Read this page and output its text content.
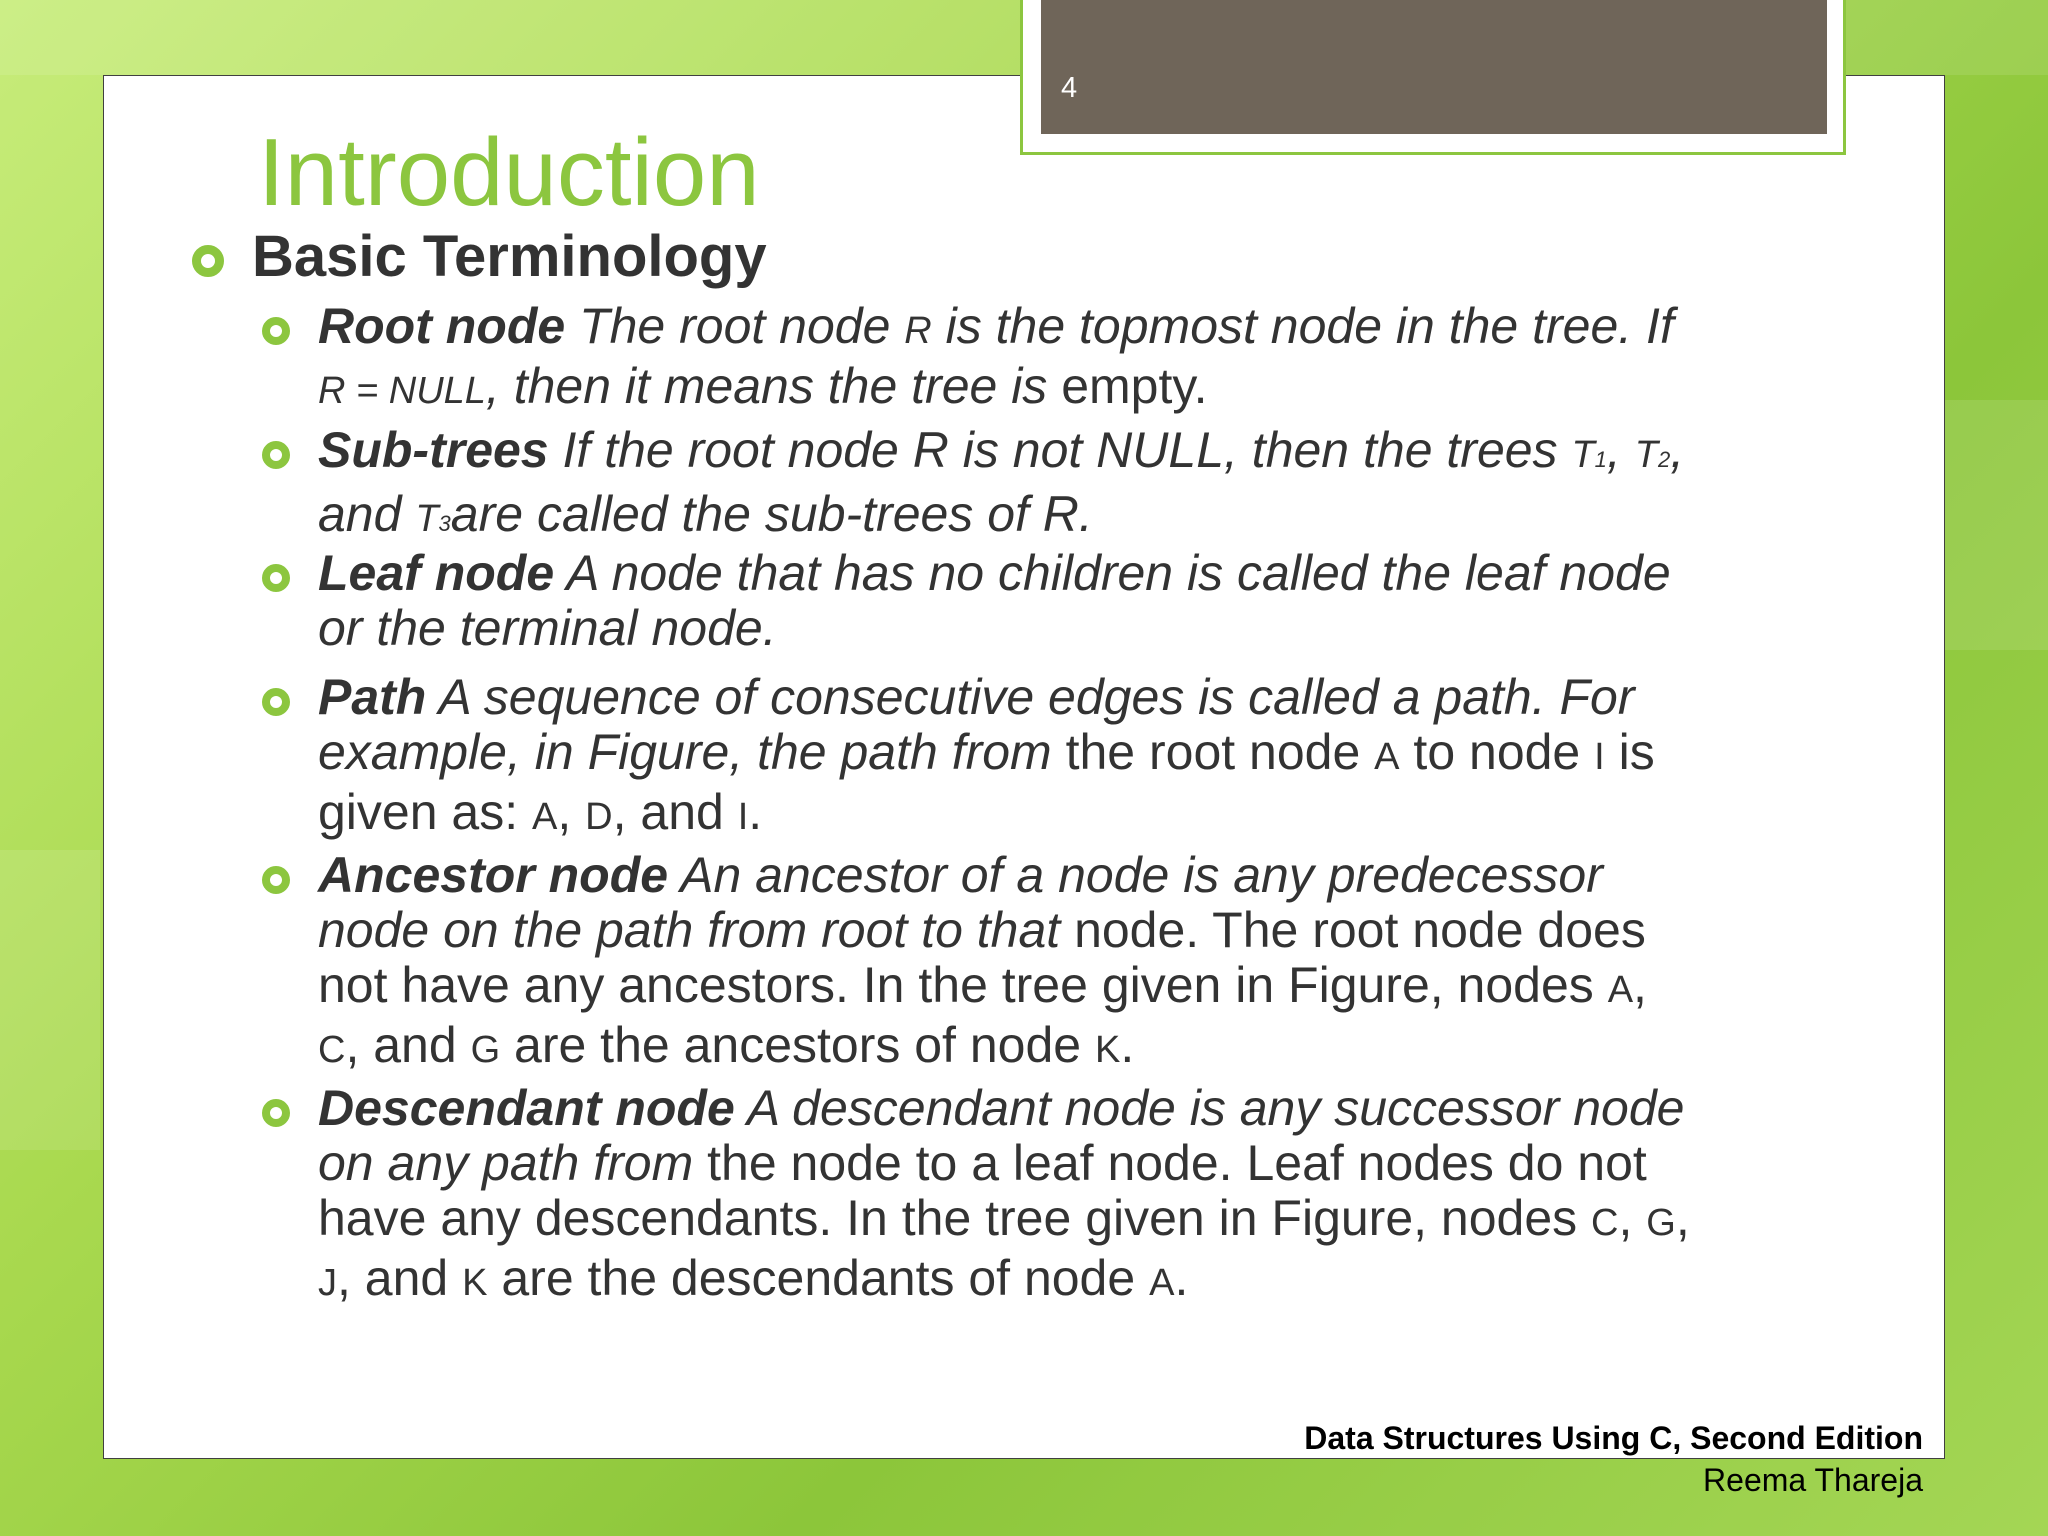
4
Introduction
Basic Terminology

Root node The root node R is the topmost node in the tree. If
R = NULL, then it means the tree is empty.

Sub-trees If the root node R is not NULL, then the trees T1, T2,
and T3are called the sub-trees of R.

Leaf node A node that has no children is called the leaf node
or the terminal node.

Path A sequence of consecutive edges is called a path. For
example, in Figure, the path from the root node A to node I is
given as: A, D, and I.

Ancestor node An ancestor of a node is any predecessor
node on the path from root to that node. The root node does
not have any ancestors. In the tree given in Figure, nodes A,
C, and G are the ancestors of node K.

Descendant node A descendant node is any successor node
on any path from the node to a leaf node. Leaf nodes do not
have any descendants. In the tree given in Figure, nodes C, G,
J, and K are the descendants of node A.

Data Structures Using C, Second Edition
Reema Thareja
